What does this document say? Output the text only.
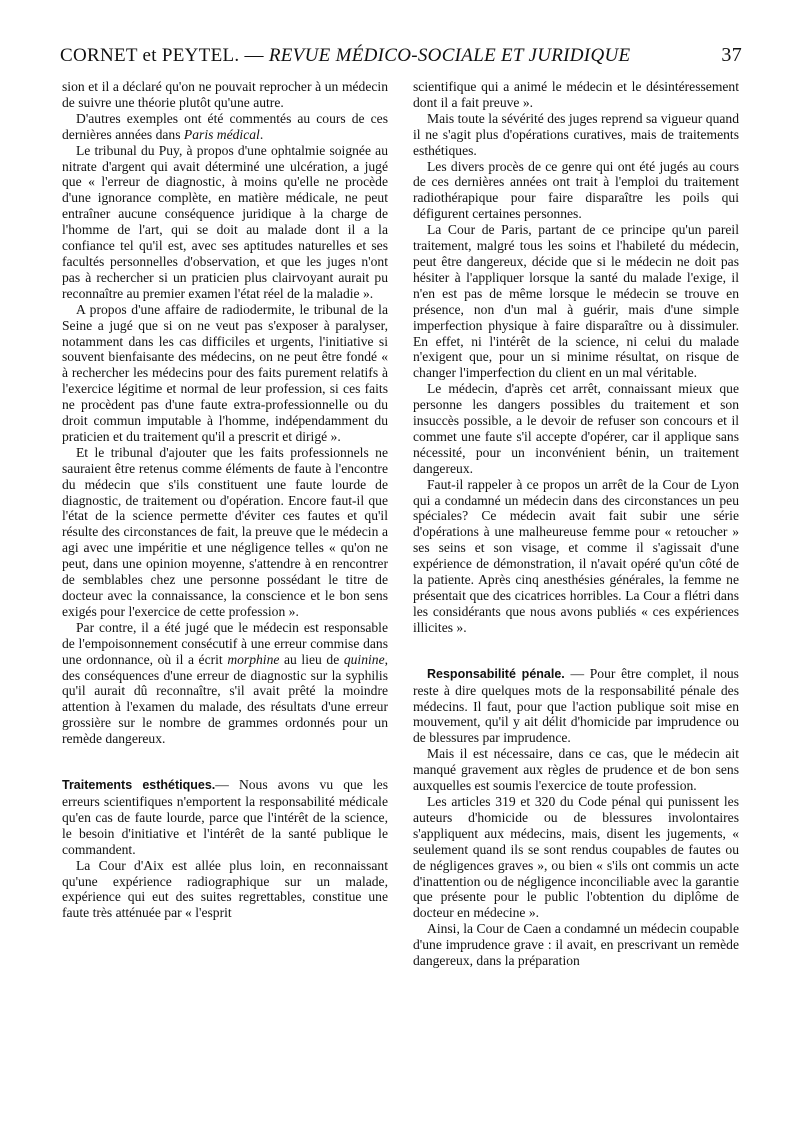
CORNET et PEYTEL. — REVUE MÉDICO-SOCIALE ET JURIDIQUE	37

sion et il a déclaré qu'on ne pouvait reprocher à un médecin de suivre une théorie plutôt qu'une autre.

D'autres exemples ont été commentés au cours de ces dernières années dans Paris médical.

Le tribunal du Puy, à propos d'une ophtalmie soignée au nitrate d'argent qui avait déterminé une ulcération, a jugé que « l'erreur de diagnostic, à moins qu'elle ne procède d'une ignorance complète, en matière médicale, ne peut entraîner aucune conséquence juridique à la charge de l'homme de l'art, qui se doit au malade dont il a la confiance tel qu'il est, avec ses aptitudes naturelles et ses facultés personnelles d'observation, et que les juges n'ont pas à rechercher si un praticien plus clairvoyant aurait pu reconnaître au premier examen l'état réel de la maladie ».

A propos d'une affaire de radiodermite, le tribunal de la Seine a jugé que si on ne veut pas s'exposer à paralyser, notamment dans les cas difficiles et urgents, l'initiative si souvent bienfaisante des médecins, on ne peut être fondé « à rechercher les médecins pour des faits purement relatifs à l'exercice légitime et normal de leur profession, si ces faits ne procèdent pas d'une faute extra-professionnelle ou du droit commun imputable à l'homme, indépendamment du praticien et du traitement qu'il a prescrit et dirigé ».

Et le tribunal d'ajouter que les faits professionnels ne sauraient être retenus comme éléments de faute à l'encontre du médecin que s'ils constituent une faute lourde de diagnostic, de traitement ou d'opération. Encore faut-il que l'état de la science permette d'éviter ces fautes et qu'il résulte des circonstances de fait, la preuve que le médecin a agi avec une impéritie et une négligence telles « qu'on ne peut, dans une opinion moyenne, s'attendre à en rencontrer de semblables chez une personne possédant le titre de docteur avec la connaissance, la conscience et le bon sens exigés pour l'exercice de cette profession ».

Par contre, il a été jugé que le médecin est responsable de l'empoisonnement consécutif à une erreur commise dans une ordonnance, où il a écrit morphine au lieu de quinine, des conséquences d'une erreur de diagnostic sur la syphilis qu'il aurait dû reconnaître, s'il avait prêté la moindre attention à l'examen du malade, des résultats d'une erreur grossière sur le nombre de grammes ordonnés pour un remède dangereux.

Traitements esthétiques.— Nous avons vu que les erreurs scientifiques n'emportent la responsabilité médicale qu'en cas de faute lourde, parce que l'intérêt de la science, le besoin d'initiative et l'intérêt de la santé publique le commandent.

La Cour d'Aix est allée plus loin, en reconnaissant qu'une expérience radiographique sur un malade, expérience qui eut des suites regrettables, constitue une faute très atténuée par « l'esprit

scientifique qui a animé le médecin et le désintéressement dont il a fait preuve ».

Mais toute la sévérité des juges reprend sa vigueur quand il ne s'agit plus d'opérations curatives, mais de traitements esthétiques.

Les divers procès de ce genre qui ont été jugés au cours de ces dernières années ont trait à l'emploi du traitement radiothérapique pour faire disparaître les poils qui défigurent certaines personnes.

La Cour de Paris, partant de ce principe qu'un pareil traitement, malgré tous les soins et l'habileté du médecin, peut être dangereux, décide que si le médecin ne doit pas hésiter à l'appliquer lorsque la santé du malade l'exige, il n'en est pas de même lorsque le médecin se trouve en présence, non d'un mal à guérir, mais d'une simple imperfection physique à faire disparaître ou à dissimuler. En effet, ni l'intérêt de la science, ni celui du malade n'exigent que, pour un si minime résultat, on risque de changer l'imperfection du client en un mal véritable.

Le médecin, d'après cet arrêt, connaissant mieux que personne les dangers possibles du traitement et son insuccès possible, a le devoir de refuser son concours et il commet une faute s'il accepte d'opérer, car il applique sans nécessité, pour un inconvénient bénin, un traitement dangereux.

Faut-il rappeler à ce propos un arrêt de la Cour de Lyon qui a condamné un médecin dans des circonstances un peu spéciales? Ce médecin avait fait subir une série d'opérations à une malheureuse femme pour « retoucher » ses seins et son visage, et comme il s'agissait d'une expérience de démonstration, il n'avait opéré qu'un côté de la patiente. Après cinq anesthésies générales, la femme ne présentait que des cicatrices horribles. La Cour a flétri dans les considérants que nous avons publiés « ces expériences illicites ».

Responsabilité pénale. — Pour être complet, il nous reste à dire quelques mots de la responsabilité pénale des médecins. Il faut, pour que l'action publique soit mise en mouvement, qu'il y ait délit d'homicide par imprudence ou de blessures par imprudence.

Mais il est nécessaire, dans ce cas, que le médecin ait manqué gravement aux règles de prudence et de bon sens auxquelles est soumis l'exercice de toute profession.

Les articles 319 et 320 du Code pénal qui punissent les auteurs d'homicide ou de blessures involontaires s'appliquent aux médecins, mais, disent les jugements, « seulement quand ils se sont rendus coupables de fautes ou de négligences graves », ou bien « s'ils ont commis un acte d'inattention ou de négligence inconciliable avec la garantie que présente pour le public l'obtention du diplôme de docteur en médecine ».

Ainsi, la Cour de Caen a condamné un médecin coupable d'une imprudence grave : il avait, en prescrivant un remède dangereux, dans la préparation
